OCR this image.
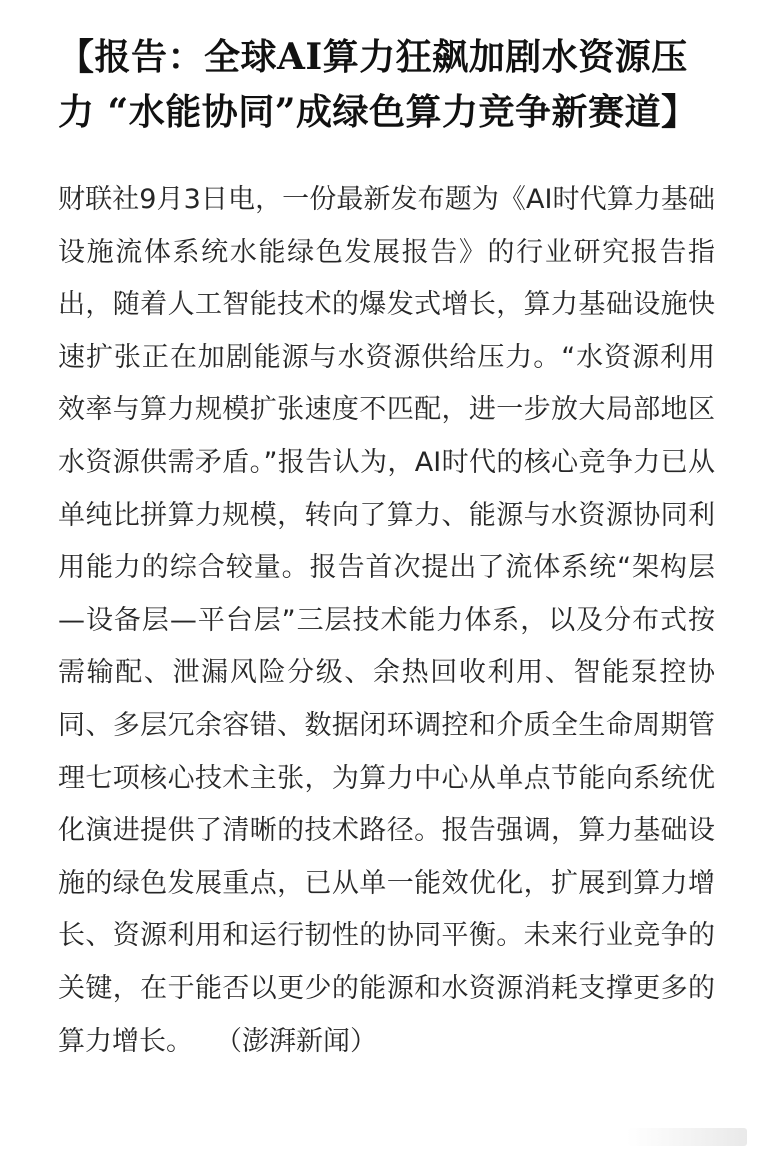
【报告：全球AI算力狂飙加剧水资源压力 “水能协同”成绿色算力竞争新赛道】

财联社9月3日电，一份最新发布题为《AI时代算力基础设施流体系统水能绿色发展报告》的行业研究报告指出，随着人工智能技术的爆发式增长，算力基础设施快速扩张正在加剧能源与水资源供给压力。“水资源利用效率与算力规模扩张速度不匹配，进一步放大局部地区水资源供需矛盾。”报告认为，AI时代的核心竞争力已从单纯比拼算力规模，转向了算力、能源与水资源协同利用能力的综合较量。报告首次提出了流体系统“架构层—设备层—平台层”三层技术能力体系，以及分布式按需输配、泄漏风险分级、余热回收利用、智能泵控协同、多层冗余容错、数据闭环调控和介质全生命周期管理七项核心技术主张，为算力中心从单点节能向系统优化演进提供了清晰的技术路径。报告强调，算力基础设施的绿色发展重点，已从单一能效优化，扩展到算力增长、资源利用和运行韧性的协同平衡。未来行业竞争的关键，在于能否以更少的能源和水资源消耗支撑更多的算力增长。 （澎湃新闻）
